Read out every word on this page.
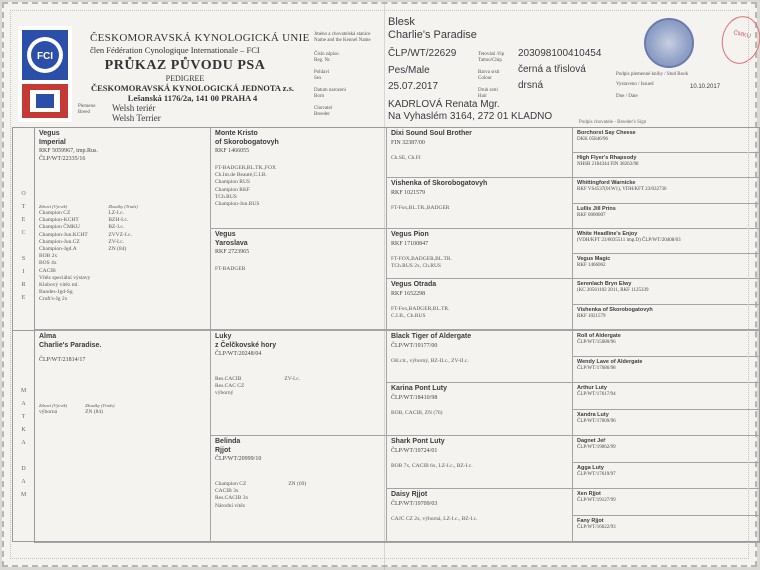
FCI
ČESKOMORAVSKÁ KYNOLOGICKÁ UNIE
člen Fédération Cynologique Internationale – FCI
PRŮKAZ PŮVODU PSA
PEDIGREE
ČESKOMORAVSKÁ KYNOLOGICKÁ JEDNOTA z.s.
Lešanská 1176/2a, 141 00 PRAHA 4
Plemeno
Breed	Welsh teriér
Welsh Terrier
Jméno a chovatelská stanice
Name and the Kennel Name
Číslo zápisu
Reg. Nr.
Pohlaví
Sex
Datum narození
Born
Chovatel
Breeder
Blesk
Charlie's Paradise
ČLP/WT/22629
Pes/Male
25.07.2017
KADRLOVÁ Renata Mgr.
Na Vyhaslém 3164, 272 01 KLADNO
Tetování /čip
Tattoo/Chip
Barva srsti
Colour
Druh srsti
Hair
203098100410454
černá a třislová
drsná
ČMKU
Podpis plemenné knihy / Stud Book
Vystaveno / Issued	10.10.2017
Dne / Date
Podpis chovatele - Breeder's Sign
O
T
E
C

S
I
R
E
M
A
T
K
A

D
A
M
Vegus
Imperial
RKF 5059967, imp.Rus.
ČLP/WT/22335/16
Zdraví (Výcvik)
Champion CZ
Champion-KCHT
Champion ČMKU
Champion-Jun.KCHT
Champion-Jun.CZ
Champion-Jgd.A
BOB 2x
BOS 4x
CACIB
Vítěz speciální výstavy
Klubový vítěz ml.
Bundes-Jgd-Sg
Cruft's-Jg 2x
Zkoušky (Trials)
LZ-I.c.
BZH-I.c.
BZ-I.c.
ZVVZ-I.c.
ZV-I.c.
ZN (84)
Alma
Charlie's Paradise.
ČLP/WT/21814/17
Zdraví (Výcvik)
výborná
Zkoušky (Trials)
ZN (84)
Monte Kristo
of Skorobogatovyh
RKF 1466055
FT-BADGER,BL.TR.,FOX
Ch.Int.de Beauté,C.I.B.
Champion RUS
Champion RKF
TCh.RUS
Champion-Jun.RUS
Vegus
Yaroslava
RKF 2723965
FT-BADGER
Luky
z Čelčkovské hory
ČLP/WT/20248/04
Res.CACIB
Res.CAC CZ
výborný
ZV-I.c.
Belinda
Rjjot
ČLP/WT/20999/10
Champion CZ
CACIB 3x
Res.CACIB 3x
Národní vítěz
ZN (69)
Dixi Sound Soul Brother
FIN 32387/00
Ch.SE, Ch.FI
Vishenka of Skorobogatovyh
RKF 1021579
FT-Fox,BL.TR.,BADGER
Vegus Pion
RKF 17100847
FT-FOX,BADGER,BL.TR.
TCh.RUS 2x, Ch.RUS
Vegus Otrada
RKF 1652298
FT-Fox,BADGER,BL.TR.
C.I.B., Ch.RUS
Black Tiger of Aldergate
ČLP/WT/19177/00
Ošl.cit., výborný, BZ-II.c., ZV-II.c.
Karina Pont Luty
ČLP/WT/18410/98
BOB, CACIB, ZN (76)
Shark Pont Luty
ČLP/WT/19724/01
BOB 7x, CACIB 6x, LZ-I.c., BZ-I.c.
Daisy Rjjot
ČLP/WT/19709/03
CAJC CZ 2x, výborná, LZ-I.c., BZ-I.c.
Borchorst Say Cheese
DKK 05846/96
High Flyer's Rhapsody
NHSB 2184344 FIN 38263/98
Whittingford Warnicke
RKF VS4537(01W1), VDH/KFT 23/032736
Lullis Jill Prins
RKF 0000007
White Headline's Enjoy
(VDH/KFT 23/0035511 imp.D) ČLP/WT/20408/03
Vegus Magic
RKF 1466062
Serenlach Bryn Elwy
(KC 20561102 2011, RKF 1125339
Vishenka of Skorobogatovyh
RKF 1021579
Roll of Aldergate
ČLP/WT/15080/96
Wendy Lave of Aldergate
ČLP/WT/17686/98
Arthur Luty
ČLP/WT/17617/94
Xandra Luty
ČLP/WT/17009/96
Dagnet Jeř
ČLP/WT/19062/99
Agga Luty
ČLP/WT/17619/97
Xen Rjjot
ČLP/WT/19127/99
Fany Rjjot
ČLP/WT/16622/93
